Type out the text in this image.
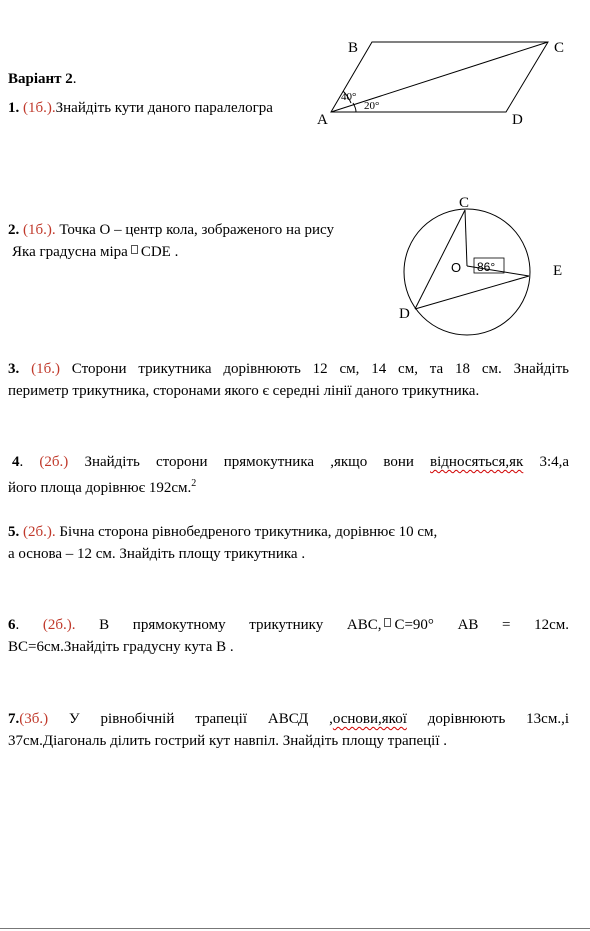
Варіант 2.
1. (1б.).Знайдіть кути даного паралелогра
B	C
A	D
40°
20°
2. (1б.). Точка О – центр кола, зображеного на рису
Яка градусна міра CDE .
C
O 86°	E
D
3. (1б.) Сторони трикутника дорівнюють 12 см, 14 см, та 18 см. Знайдіть
периметр трикутника, сторонами якого є середні лінії даного трикутника.
4. (2б.) Знайдіть сторони прямокутника ,якщо вони відносяться,як 3:4,а
його площа дорівнює 192см.$^2$
5. (2б.). Бічна сторона рівнобедреного трикутника, дорівнює 10 см,
а основа – 12 см. Знайдіть площу трикутника .
6. (2б.). В прямокутному трикутнику АВС, С=90° АВ = 12см.
ВС=6см.Знайдіть градусну кута В .
7.(3б.) У рівнобічній трапеції АВСД ,основи,якої дорівнюють 13см.,і
37см.Діагональ ділить гострий кут навпіл. Знайдіть площу трапеції .
